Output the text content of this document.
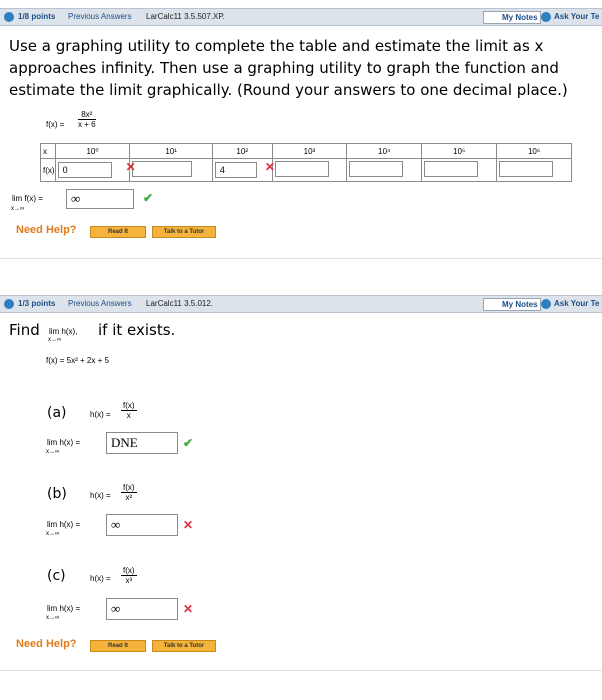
1/8 points Previous Answers LarCalc11 3.5.507.XP.	My Notes	Ask Your Te
Use a graphing utility to complete the table and estimate the limit as x approaches infinity. Then use a graphing utility to graph the function and estimate the limit graphically. (Round your answers to one decimal place.)
$f(x) = \frac{\text{8x²}}{x + 6}$
x	10⁰	10¹	10²	10³	10⁴	10⁵	10⁶
f(x)	0 ✕		4 ✕				

lim f(x) =
x→∞
∞	✔
Need Help?	Read It	Talk to a Tutor
1/3 points Previous Answers LarCalc11 3.5.012.	My Notes	Ask Your Te
Find lim h(x),
x→∞
if it exists.
f(x) = 5x² + 2x + 5
(a)	$h(x) = \frac{f(x)}{x}$
lim h(x) =
x→∞
DNE	✔
(b)	$h(x) = \frac{f(x)}{\text{x²}}$
lim h(x) =
x→∞
∞	✕
(c)	$h(x) = \frac{f(x)}{\text{x³}}$
lim h(x) =
x→∞
∞	✕
Need Help?	Read It	Talk to a Tutor
